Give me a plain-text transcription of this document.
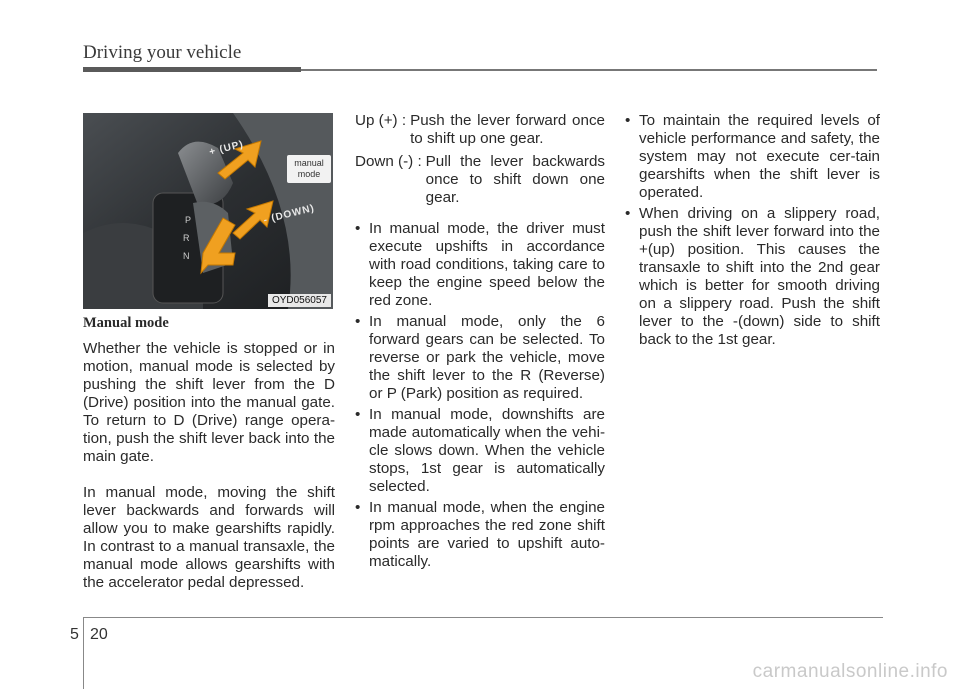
Driving your vehicle
P
R
N
+ (UP)
- (DOWN)
manual mode
OYD056057
Manual mode

Whether the vehicle is stopped or in motion, manual mode is selected by pushing the shift lever from the D (Drive) position into the manual gate. To return to D (Drive) range opera-tion, push the shift lever back into the main gate.

In manual mode, moving the shift lever backwards and forwards will allow you to make gearshifts rapidly. In contrast to a manual transaxle, the manual mode allows gearshifts with the accelerator pedal depressed.

Up (+) : Push the lever forward once to shift up one gear.
Down (-) : Pull the lever backwards once to shift down one gear.
• In manual mode, the driver must execute upshifts in accordance with road conditions, taking care to keep the engine speed below the red zone.
• In manual mode, only the 6 forward gears can be selected. To reverse or park the vehicle, move the shift lever to the R (Reverse) or P (Park) position as required.
• In manual mode, downshifts are made automatically when the vehi-cle slows down. When the vehicle stops, 1st gear is automatically selected.
• In manual mode, when the engine rpm approaches the red zone shift points are varied to upshift auto-matically.
• To maintain the required levels of vehicle performance and safety, the system may not execute cer-tain gearshifts when the shift lever is operated.
• When driving on a slippery road, push the shift lever forward into the +(up) position. This causes the transaxle to shift into the 2nd gear which is better for smooth driving on a slippery road. Push the shift lever to the -(down) side to shift back to the 1st gear.
5 20
carmanualsonline.info
